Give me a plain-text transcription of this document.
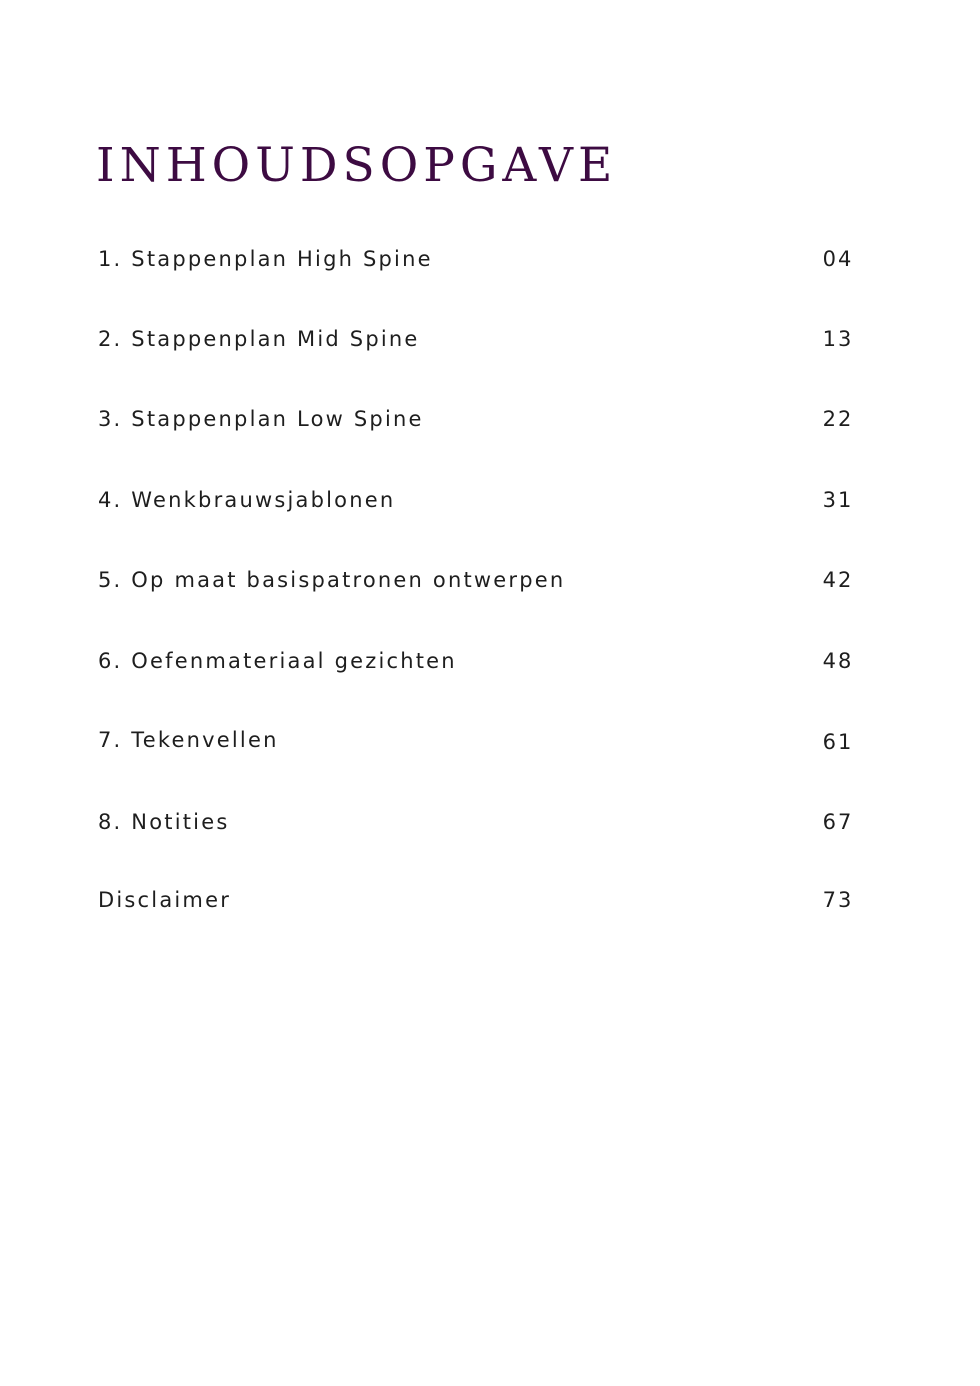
INHOUDSOPGAVE
1. Stappenplan High Spine	04
2. Stappenplan Mid Spine	13
3. Stappenplan Low Spine	22
4. Wenkbrauwsjablonen	31
5. Op maat basispatronen ontwerpen	42
6. Oefenmateriaal gezichten	48
7. Tekenvellen	61
8. Notities	67
Disclaimer	73
